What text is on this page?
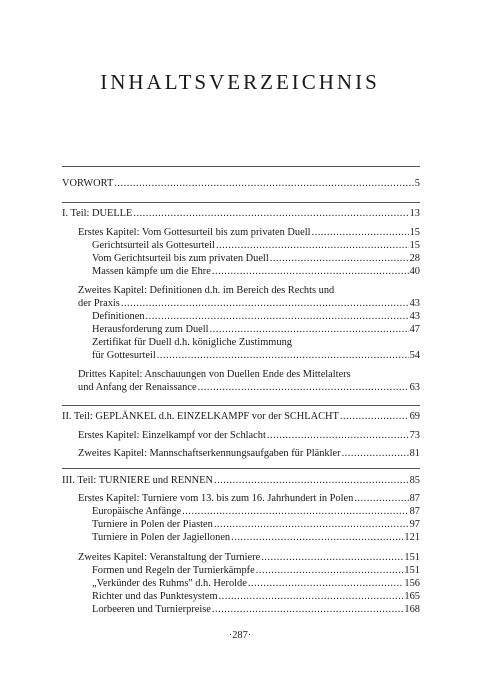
INHALTSVERZEICHNIS
VORWORT .....	5
I. Teil: DUELLE .....	13
Erstes Kapitel: Vom Gottesurteil bis zum privaten Duell .....	15
Gerichtsurteil als Gottesurteil .....	15
Vom Gerichtsurteil bis zum privaten Duell .....	28
Massen kämpfe um die Ehre .....	40
Zweites Kapitel: Definitionen d.h. im Bereich des Rechts und
der Praxis .....	43
Definitionen .....	43
Herausforderung zum Duell .....	47
Zertifikat für Duell d.h. königliche Zustimmung
für Gottesurteil .....	54
Drittes Kapitel: Anschauungen von Duellen Ende des Mittelalters
und Anfang der Renaissance .....	63
II. Teil: GEPLÄNKEL d.h. EINZELKAMPF vor der SCHLACHT .....	69
Erstes Kapitel: Einzelkampf vor der Schlacht .....	73
Zweites Kapitel: Mannschaftserkennungsaufgaben für Plänkler .....	81
III. Teil: TURNIERE und RENNEN .....	85
Erstes Kapitel: Turniere vom 13. bis zum 16. Jahrhundert in Polen .....	87
Europäische Anfänge .....	87
Turniere in Polen der Piasten .....	97
Turniere in Polen der Jagiellonen .....	121
Zweites Kapitel: Veranstaltung der Turniere .....	151
Formen und Regeln der Turnierkämpfe .....	151
„Verkünder des Ruhms" d.h. Herolde .....	156
Richter und das Punktesystem .....	165
Lorbeeren und Turnierpreise .....	168
·287·
